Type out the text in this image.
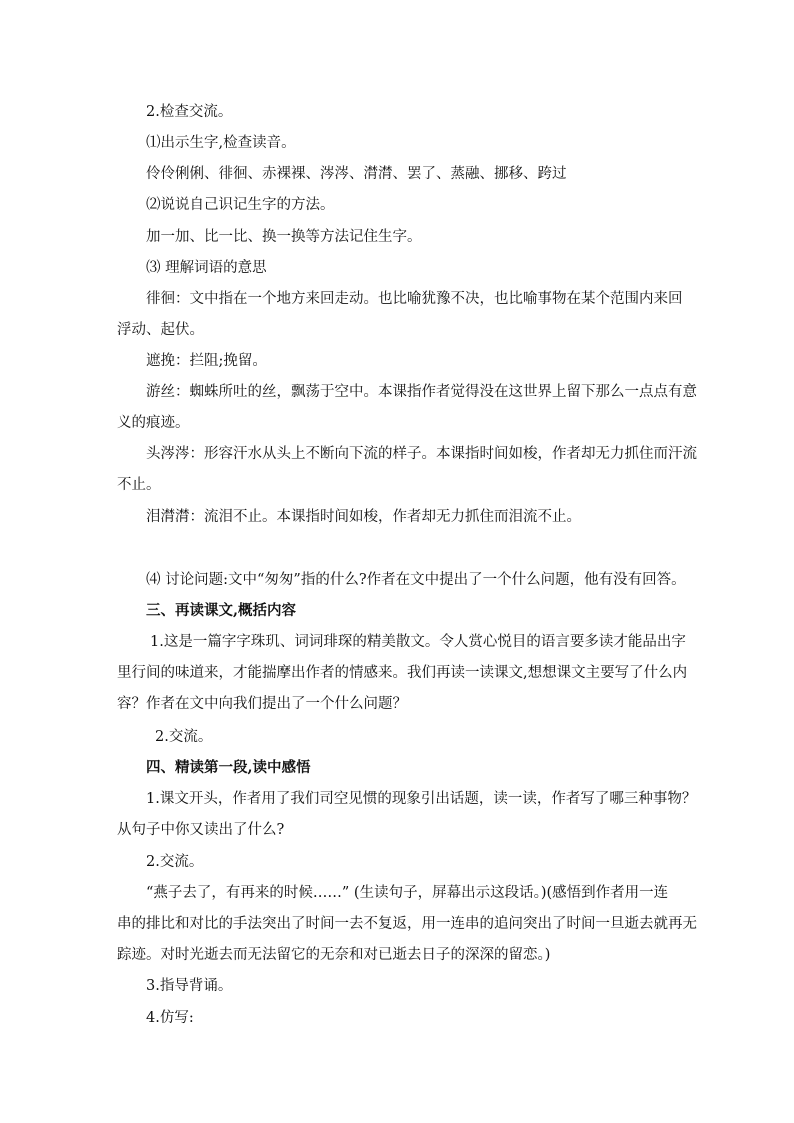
2.检查交流。
⑴出示生字,检查读音。
伶伶俐俐、徘徊、赤裸裸、涔涔、潸潸、罢了、蒸融、挪移、跨过
⑵说说自己识记生字的方法。
加一加、比一比、换一换等方法记住生字。
⑶ 理解词语的意思
徘徊：文中指在一个地方来回走动。也比喻犹豫不决，也比喻事物在某个范围内来回
浮动、起伏。
遮挽：拦阻;挽留。
游丝：蜘蛛所吐的丝，飘荡于空中。本课指作者觉得没在这世界上留下那么一点点有意
义的痕迹。
头涔涔：形容汗水从头上不断向下流的样子。本课指时间如梭，作者却无力抓住而汗流
不止。
泪潸潸：流泪不止。本课指时间如梭，作者却无力抓住而泪流不止。
⑷ 讨论问题:文中“匆匆”指的什么?作者在文中提出了一个什么问题，他有没有回答。
三、再读课文,概括内容
1.这是一篇字字珠玑、词词琲琛的精美散文。令人赏心悦目的语言要多读才能品出字
里行间的味道来，才能揣摩出作者的情感来。我们再读一读课文,想想课文主要写了什么内
容？作者在文中向我们提出了一个什么问题？
2.交流。
四、精读第一段,读中感悟
1.课文开头，作者用了我们司空见惯的现象引出话题，读一读，作者写了哪三种事物？
从句子中你又读出了什么?
2.交流。
“燕子去了，有再来的时候……” (生读句子，屏幕出示这段话。)(感悟到作者用一连
串的排比和对比的手法突出了时间一去不复返，用一连串的追问突出了时间一旦逝去就再无
踪迹。对时光逝去而无法留它的无奈和对已逝去日子的深深的留恋。)
3.指导背诵。
4.仿写:
